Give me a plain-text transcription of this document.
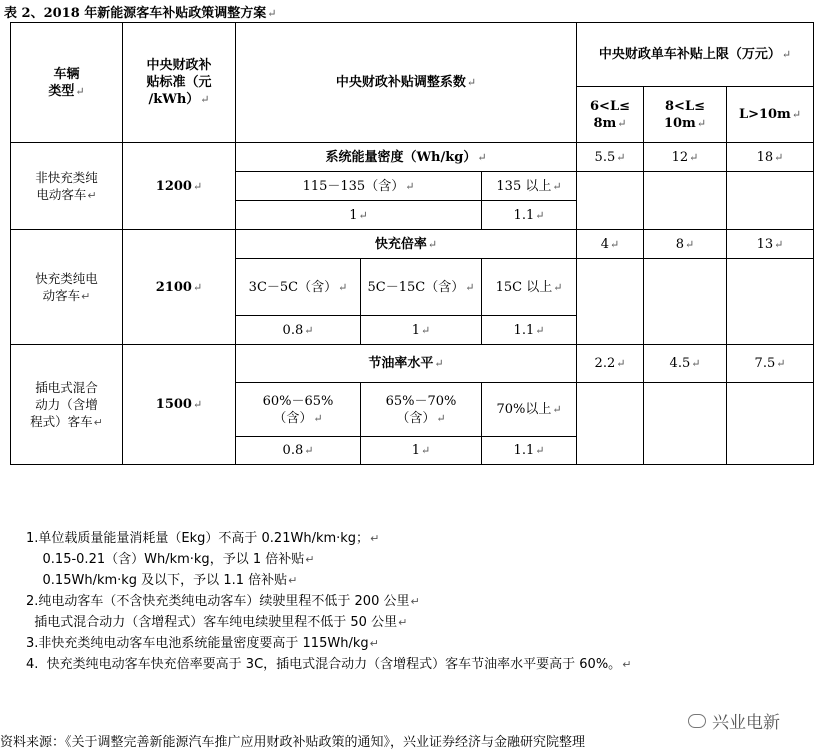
表 2、2018 年新能源客车补贴政策调整方案↵
车辆
类型↵	中央财政补
贴标准（元
/kWh）↵	中央财政补贴调整系数↵			中央财政单车补贴上限（万元）↵		
					6<L≤
8m↵	8<L≤
10m↵	L>10m↵
非快充类纯
电动客车↵	1200↵	系统能量密度（Wh/kg）↵			5.5↵	12↵	18↵
		115－135（含）↵		135 以上↵			
		1↵		1.1↵			
快充类纯电
动客车↵	2100↵	快充倍率↵			4↵	8↵	13↵
		3C－5C（含）↵	5C－15C（含）↵	15C 以上↵			
		0.8↵	1↵	1.1↵			
插电式混合
动力（含增
程式）客车↵	1500↵	节油率水平↵			2.2↵	4.5↵	7.5↵
		60%－65%
（含）↵	65%－70%
（含）↵	70%以上↵			
		0.8↵	1↵	1.1↵			
1.单位载质量能量消耗量（Ekg）不高于 0.21Wh/km·kg；↵
0.15-0.21（含）Wh/km·kg，予以 1 倍补贴↵
0.15Wh/km·kg 及以下，予以 1.1 倍补贴↵
2.纯电动客车（不含快充类纯电动客车）续驶里程不低于 200 公里↵
插电式混合动力（含增程式）客车纯电续驶里程不低于 50 公里↵
3.非快充类纯电动客车电池系统能量密度要高于 115Wh/kg↵
4.  快充类纯电动客车快充倍率要高于 3C，插电式混合动力（含增程式）客车节油率水平要高于 60%。↵
兴业电新
资料来源：《关于调整完善新能源汽车推广应用财政补贴政策的通知》，兴业证券经济与金融研究院整理
